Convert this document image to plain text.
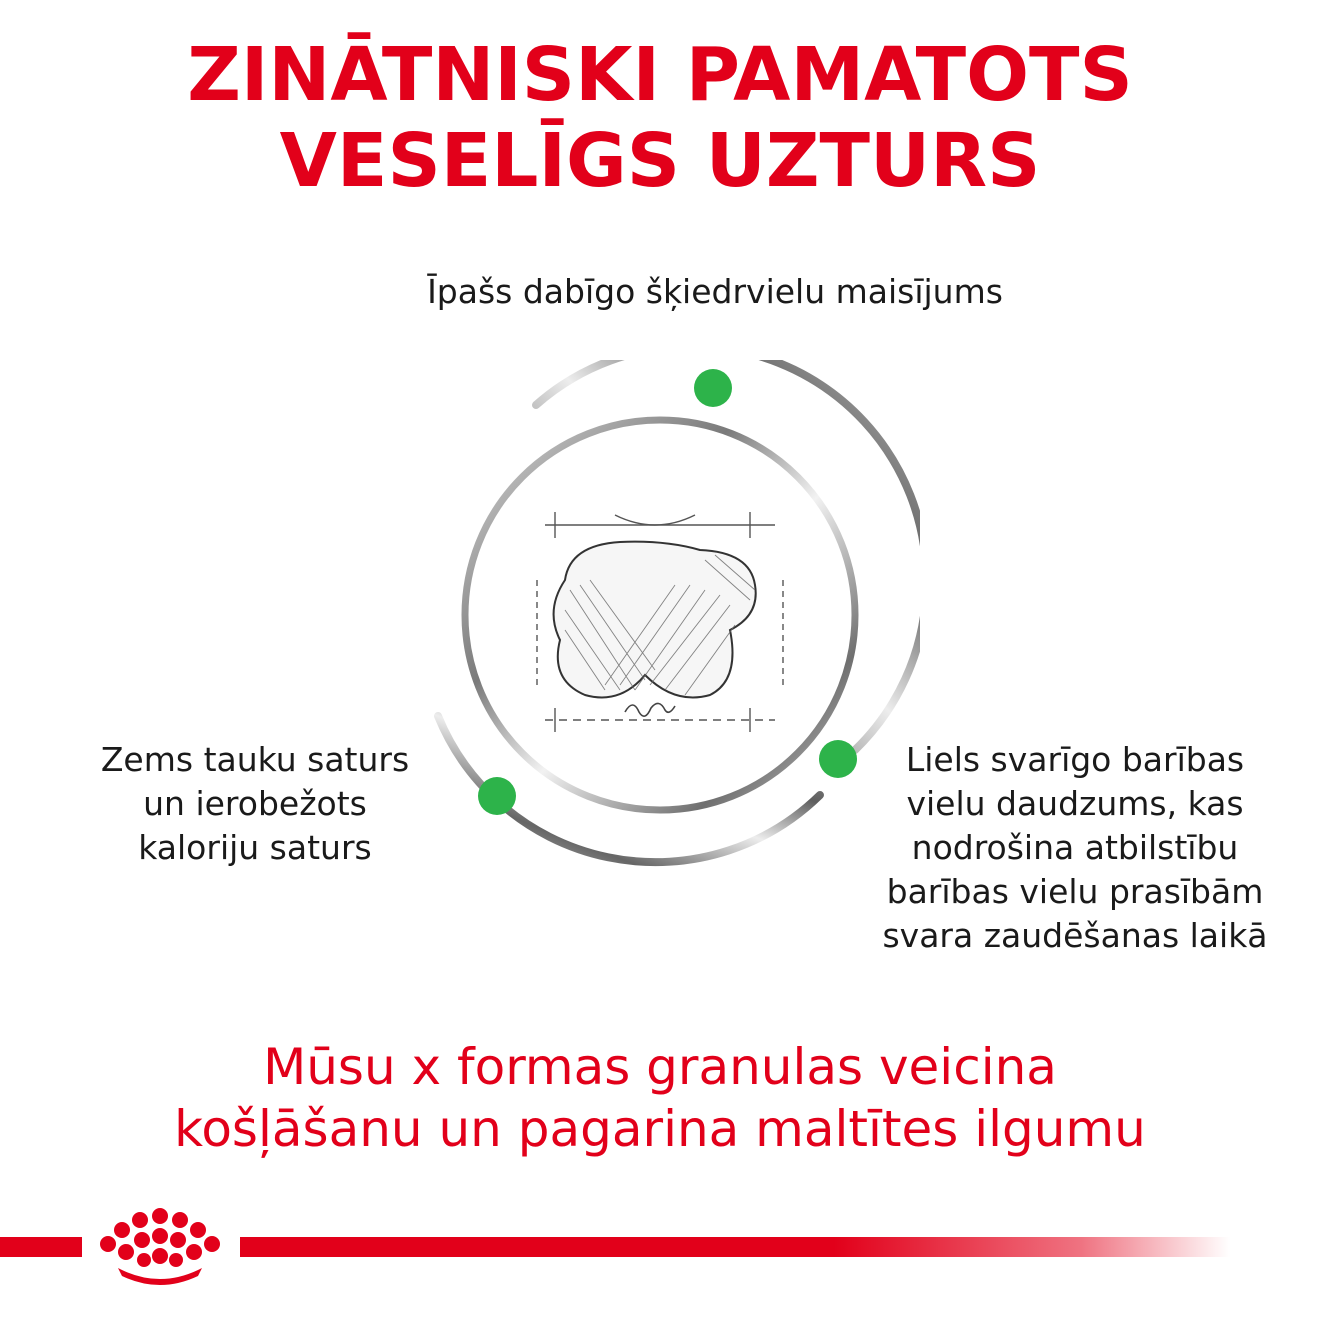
ZINĀTNISKI PAMATOTS
VESELĪGS UZTURS
Īpašs dabīgo šķiedrvielu maisījums
Zems tauku saturs
un ierobežots
kaloriju saturs
Liels svarīgo barības
vielu daudzums, kas
nodrošina atbilstību
barības vielu prasībām
svara zaudēšanas laikā
Mūsu x formas granulas veicina
košļāšanu un pagarina maltītes ilgumu
